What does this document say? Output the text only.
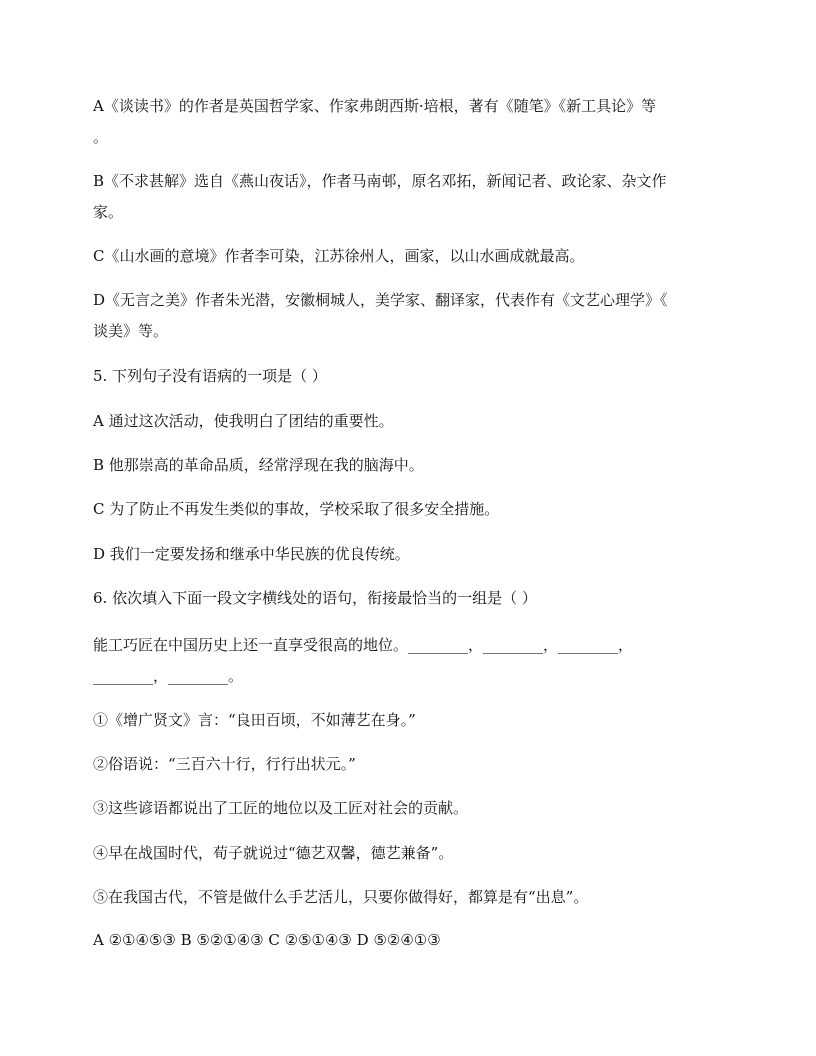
A《谈读书》的作者是英国哲学家、作家弗朗西斯·培根，著有《随笔》《新工具论》等
。
B《不求甚解》选自《燕山夜话》，作者马南邨，原名邓拓，新闻记者、政论家、杂文作
家。
C《山水画的意境》作者李可染，江苏徐州人，画家，以山水画成就最高。
D《无言之美》作者朱光潜，安徽桐城人，美学家、翻译家，代表作有《文艺心理学》《
谈美》等。
5. 下列句子没有语病的一项是（ ）
A 通过这次活动，使我明白了团结的重要性。
B 他那崇高的革命品质，经常浮现在我的脑海中。
C 为了防止不再发生类似的事故，学校采取了很多安全措施。
D 我们一定要发扬和继承中华民族的优良传统。
6. 依次填入下面一段文字横线处的语句，衔接最恰当的一组是（ ）
能工巧匠在中国历史上还一直享受很高的地位。________，________，________，
________，________。
①《增广贤文》言：“良田百顷，不如薄艺在身。”
②俗语说：“三百六十行，行行出状元。”
③这些谚语都说出了工匠的地位以及工匠对社会的贡献。
④早在战国时代，荀子就说过“德艺双馨，德艺兼备”。
⑤在我国古代，不管是做什么手艺活儿，只要你做得好，都算是有“出息”。
A ②①④⑤③ B ⑤②①④③ C ②⑤①④③ D ⑤②④①③
